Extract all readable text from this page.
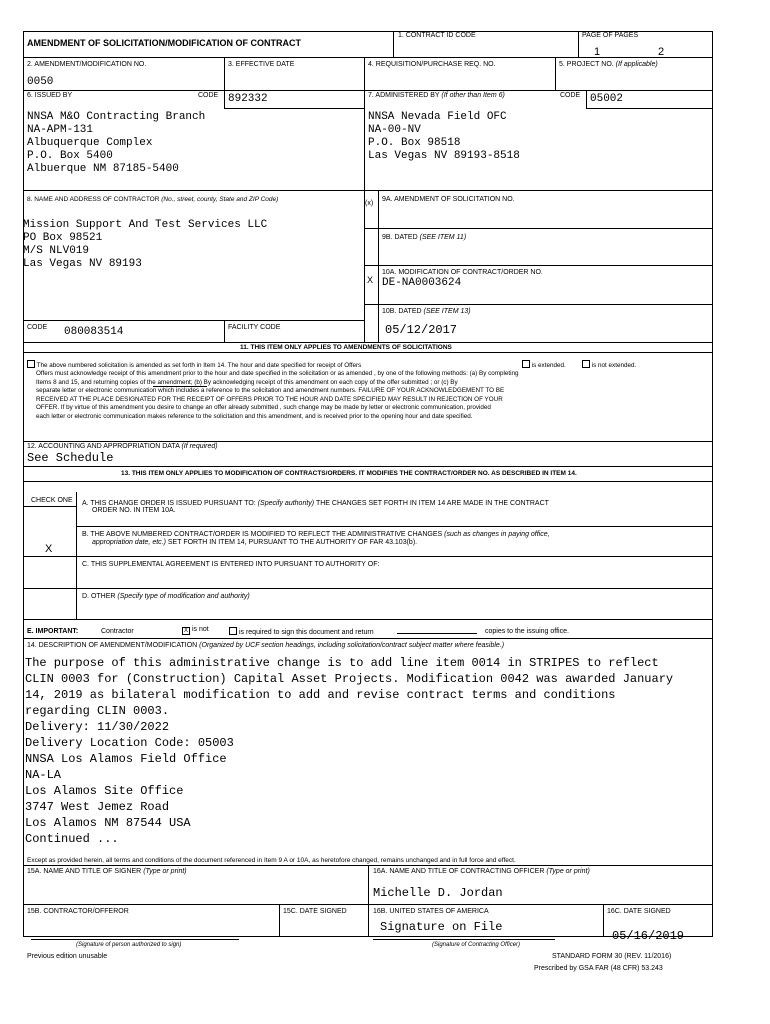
AMENDMENT OF SOLICITATION/MODIFICATION OF CONTRACT
1. CONTRACT ID CODE	PAGE OF PAGES
1	2
2. AMENDMENT/MODIFICATION NO.
0050
3. EFFECTIVE DATE	4. REQUISITION/PURCHASE REQ. NO.	5. PROJECT NO. (If applicable)
6. ISSUED BY	CODE 892332
NNSA M&O Contracting Branch
NA-APM-131
Albuquerque Complex
P.O. Box 5400
Albuerque NM 87185-5400
7. ADMINISTERED BY (If other than Item 6)	CODE 05002
NNSA Nevada Field OFC
NA-00-NV
P.O. Box 98518
Las Vegas NV 89193-8518
8. NAME AND ADDRESS OF CONTRACTOR (No., street, county, State and ZIP Code)
Mission Support And Test Services LLC
PO Box 98521
M/S NLV019
Las Vegas NV 89193
CODE 080083514	FACILITY CODE
(x)
9A. AMENDMENT OF SOLICITATION NO.
9B. DATED (SEE ITEM 11)
X
10A. MODIFICATION OF CONTRACT/ORDER NO.
DE-NA0003624
10B. DATED (SEE ITEM 13)
05/12/2017
11. THIS ITEM ONLY APPLIES TO AMENDMENTS OF SOLICITATIONS
The above numbered solicitation is amended as set forth in Item 14. The hour and date specified for receipt of Offers	is extended.	is not extended.
Offers must acknowledge receipt of this amendment prior to the hour and date specified in the solicitation or as amended , by one of the following methods: (a) By completing
Items 8 and 15, and returning copies of the amendment; (b) By acknowledging receipt of this amendment on each copy of the offer submitted ; or (c) By
separate letter or electronic communication which includes a reference to the solicitation and amendment numbers. FAILURE OF YOUR ACKNOWLEDGEMENT TO BE
RECEIVED AT THE PLACE DESIGNATED FOR THE RECEIPT OF OFFERS PRIOR TO THE HOUR AND DATE SPECIFIED MAY RESULT IN REJECTION OF YOUR
OFFER. If by virtue of this amendment you desire to change an offer already submitted , such change may be made by letter or electronic communication, provided
each letter or electronic communication makes reference to the solicitation and this amendment, and is received prior to the opening hour and date specified.
12. ACCOUNTING AND APPROPRIATION DATA (If required)
See Schedule
13. THIS ITEM ONLY APPLIES TO MODIFICATION OF CONTRACTS/ORDERS. IT MODIFIES THE CONTRACT/ORDER NO. AS DESCRIBED IN ITEM 14.
CHECK ONE A. THIS CHANGE ORDER IS ISSUED PURSUANT TO: (Specify authority) THE CHANGES SET FORTH IN ITEM 14 ARE MADE IN THE CONTRACT
ORDER NO. IN ITEM 10A.
B. THE ABOVE NUMBERED CONTRACT/ORDER IS MODIFIED TO REFLECT THE ADMINISTRATIVE CHANGES (such as changes in paying office,
appropriation date, etc.) SET FORTH IN ITEM 14, PURSUANT TO THE AUTHORITY OF FAR 43.103(b).
X
C. THIS SUPPLEMENTAL AGREEMENT IS ENTERED INTO PURSUANT TO AUTHORITY OF:
D. OTHER (Specify type of modification and authority)
E. IMPORTANT:	Contractor	X is not	is required to sign this document and return	copies to the issuing office.
14. DESCRIPTION OF AMENDMENT/MODIFICATION (Organized by UCF section headings, including solicitation/contract subject matter where feasible.)
The purpose of this administrative change is to add line item 0014 in STRIPES to reflect
CLIN 0003 for (Construction) Capital Asset Projects. Modification 0042 was awarded January
14, 2019 as bilateral modification to add and revise contract terms and conditions
regarding CLIN 0003.
Delivery: 11/30/2022
Delivery Location Code: 05003
NNSA Los Alamos Field Office
NA-LA
Los Alamos Site Office
3747 West Jemez Road
Los Alamos NM 87544 USA
Continued ...
Except as provided herein, all terms and conditions of the document referenced in Item 9 A or 10A, as heretofore changed, remains unchanged and in full force and effect.
15A. NAME AND TITLE OF SIGNER (Type or print)	16A. NAME AND TITLE OF CONTRACTING OFFICER (Type or print)
Michelle D. Jordan
15B. CONTRACTOR/OFFEROR
(Signature of person authorized to sign)
15C. DATE SIGNED	16B. UNITED STATES OF AMERICA
Signature on File
(Signature of Contracting Officer)
16C. DATE SIGNED
05/16/2019
Previous edition unusable	STANDARD FORM 30 (REV. 11/2016)
Prescribed by GSA FAR (48 CFR) 53.243
